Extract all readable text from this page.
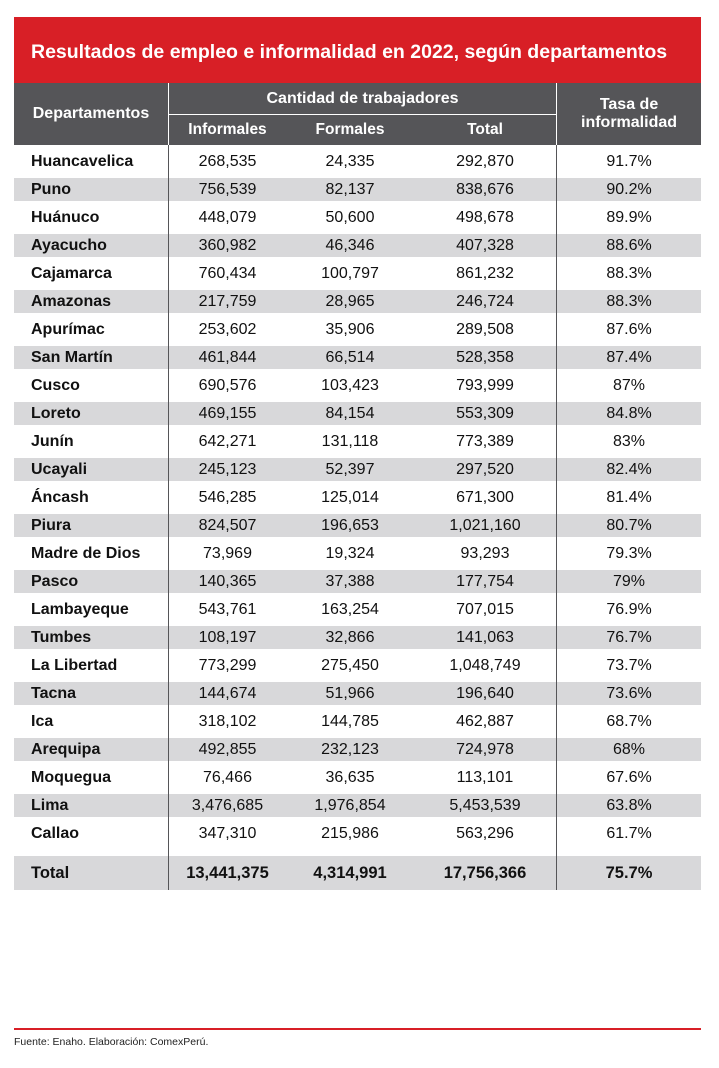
Resultados de empleo e informalidad en 2022, según departamentos
Departamentos	Cantidad de trabajadores			Tasa de
informalidad

	Informales	Formales	Total	
Huancavelica	268,535	24,335	292,870	91.7%
Puno	756,539	82,137	838,676	90.2%
Huánuco	448,079	50,600	498,678	89.9%
Ayacucho	360,982	46,346	407,328	88.6%
Cajamarca	760,434	100,797	861,232	88.3%
Amazonas	217,759	28,965	246,724	88.3%
Apurímac	253,602	35,906	289,508	87.6%
San Martín	461,844	66,514	528,358	87.4%
Cusco	690,576	103,423	793,999	87%
Loreto	469,155	84,154	553,309	84.8%
Junín	642,271	131,118	773,389	83%
Ucayali	245,123	52,397	297,520	82.4%
Áncash	546,285	125,014	671,300	81.4%
Piura	824,507	196,653	1,021,160	80.7%
Madre de Dios	73,969	19,324	93,293	79.3%
Pasco	140,365	37,388	177,754	79%
Lambayeque	543,761	163,254	707,015	76.9%
Tumbes	108,197	32,866	141,063	76.7%
La Libertad	773,299	275,450	1,048,749	73.7%
Tacna	144,674	51,966	196,640	73.6%
Ica	318,102	144,785	462,887	68.7%
Arequipa	492,855	232,123	724,978	68%
Moquegua	76,466	36,635	113,101	67.6%
Lima	3,476,685	1,976,854	5,453,539	63.8%
Callao	347,310	215,986	563,296	61.7%

Total	13,441,375	4,314,991	17,756,366	75.7%
Fuente: Enaho. Elaboración: ComexPerú.
